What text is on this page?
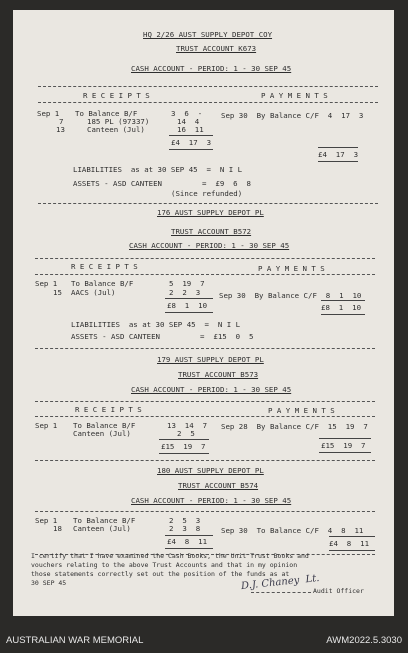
HQ 2/26 AUST SUPPLY DEPOT COY
TRUST ACCOUNT K673
CASH ACCOUNT - PERIOD: 1 - 30 SEP 45
R E C E I P T S	P A Y M E N T S
Sep 1 To Balance B/F	3  6  -	Sep 30  By Balance C/F  4  17  3
7	185 PL (97337)	14  4
13	Canteen (Jul)	16  11
£4  17  3
£4  17  3
LIABILITIES  as at 30 SEP 45  =  N I L
ASSETS - ASD CANTEEN         =  £9  6  8
(Since refunded)
176 AUST SUPPLY DEPOT PL
TRUST ACCOUNT B572
CASH ACCOUNT - PERIOD: 1 - 30 SEP 45
R E C E I P T S	P A Y M E N T S
Sep 1 To Balance B/F	5  19  7
15 AACS (Jul)	2  2  3	Sep 30  By Balance C/F  8  1  10
£8  1  10	£8  1  10
LIABILITIES  as at 30 SEP 45  =  N I L
ASSETS - ASD CANTEEN         =  £15  0  5
179 AUST SUPPLY DEPOT PL
TRUST ACCOUNT B573
CASH ACCOUNT - PERIOD: 1 - 30 SEP 45
R E C E I P T S	P A Y M E N T S
Sep 1 To Balance B/F	13  14  7 Sep 28  By Balance C/F  15  19  7
Canteen (Jul)	2  5
£15  19  7	£15  19  7
180 AUST SUPPLY DEPOT PL
TRUST ACCOUNT B574
CASH ACCOUNT - PERIOD: 1 - 30 SEP 45
Sep 1 To Balance B/F	2  5  3
18 Canteen (Jul)	2  3  8	Sep 30  To Balance C/F  4  8  11
£4  8  11	£4  8  11
I certify that I have examined the Cash Books, the Unit Trust Books and
vouchers relating to the above Trust Accounts and that in my opinion
those statements correctly set out the position of the funds as at
30 SEP 45	D.J. Chaney  Lt.
Audit Officer
AUSTRALIAN WAR MEMORIAL	AWM2022.5.3030
